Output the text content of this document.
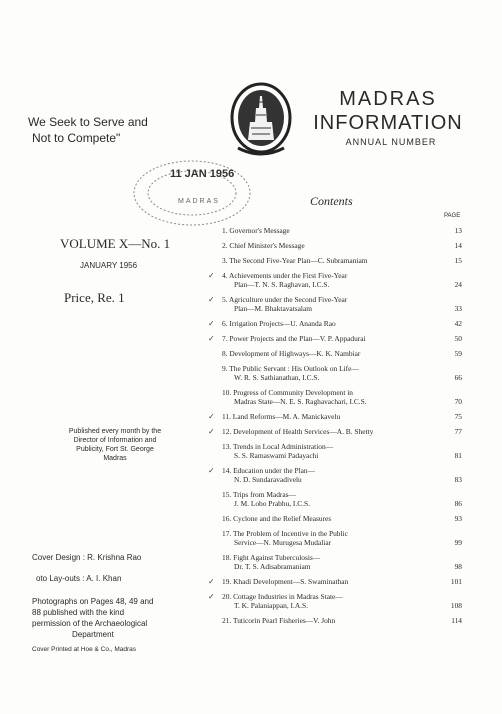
We Seek to Serve and
Not to Compete"
MADRAS
INFORMATION
ANNUAL NUMBER
11 JAN 1956
MADRAS	Contents
PAGE
VOLUME X—No. 1
JANUARY 1956
Price, Re. 1
Published every month by the
Director of Information and
Publicity, Fort St. George
Madras
Cover Design : R. Krishna Rao
oto Lay-outs : A. I. Khan
Photographs on Pages 48, 49 and
88 published with the kind
permission of the Archaeological
Department
Cover Printed at Hoe & Co., Madras
1. Governor's Message	13
2. Chief Minister's Message	14
3. The Second Five-Year Plan—C. Subramaniam	15
✓ 4. Achievements under the First Five-Year
Plan—T. N. S. Raghavan, I.C.S.	24
✓ 5. Agriculture under the Second Five-Year
Plan—M. Bhaktavatsalam	33
✓ 6. Irrigation Projects—U. Ananda Rao	42
✓ 7. Power Projects and the Plan—V. P. Appadurai	50
8. Development of Highways—K. K. Nambiar	59
9. The Public Servant : His Outlook on Life—
W. R. S. Sathianathan, I.C.S.	66
10. Progress of Community Development in
Madras State—N. E. S. Raghavachari, I.C.S.	70
✓ 11. Land Reforms—M. A. Manickavelu	75
✓ 12. Development of Health Services—A. B. Shetty	77
13. Trends in Local Administration—
S. S. Ramaswami Padayachi	81
✓ 14. Education under the Plan—
N. D. Sundaravadivelu	83
15. Trips from Madras—
J. M. Lobo Prabhu, I.C.S.	86
16. Cyclone and the Relief Measures	93
17. The Problem of Incentive in the Public
Service—N. Murugesa Mudaliar	99
18. Fight Against Tuberculosis—
Dr. T. S. Adisabramaniam	98
✓ 19. Khadi Development—S. Swaminathan	101
✓ 20. Cottage Industries in Madras State—
T. K. Palaniappan, I.A.S.	108
21. Tuticorin Pearl Fisheries—V. John	114
